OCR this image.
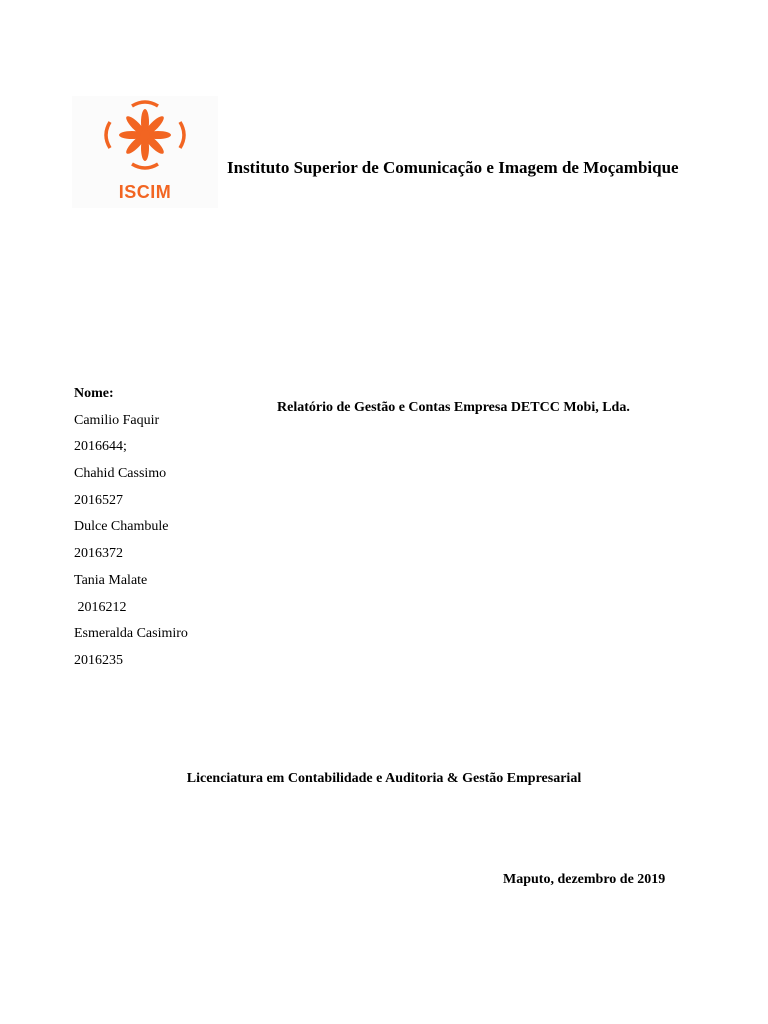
ISCIM
Instituto Superior de Comunicação e Imagem de Moçambique
Relatório de Gestão e Contas Empresa DETCC Mobi, Lda.
Nome:
Camilio Faquir
2016644;
Chahid Cassimo
2016527
Dulce Chambule
2016372
Tania Malate
2016212
Esmeralda Casimiro
2016235
Licenciatura em Contabilidade e Auditoria & Gestão Empresarial
Maputo, dezembro de 2019
